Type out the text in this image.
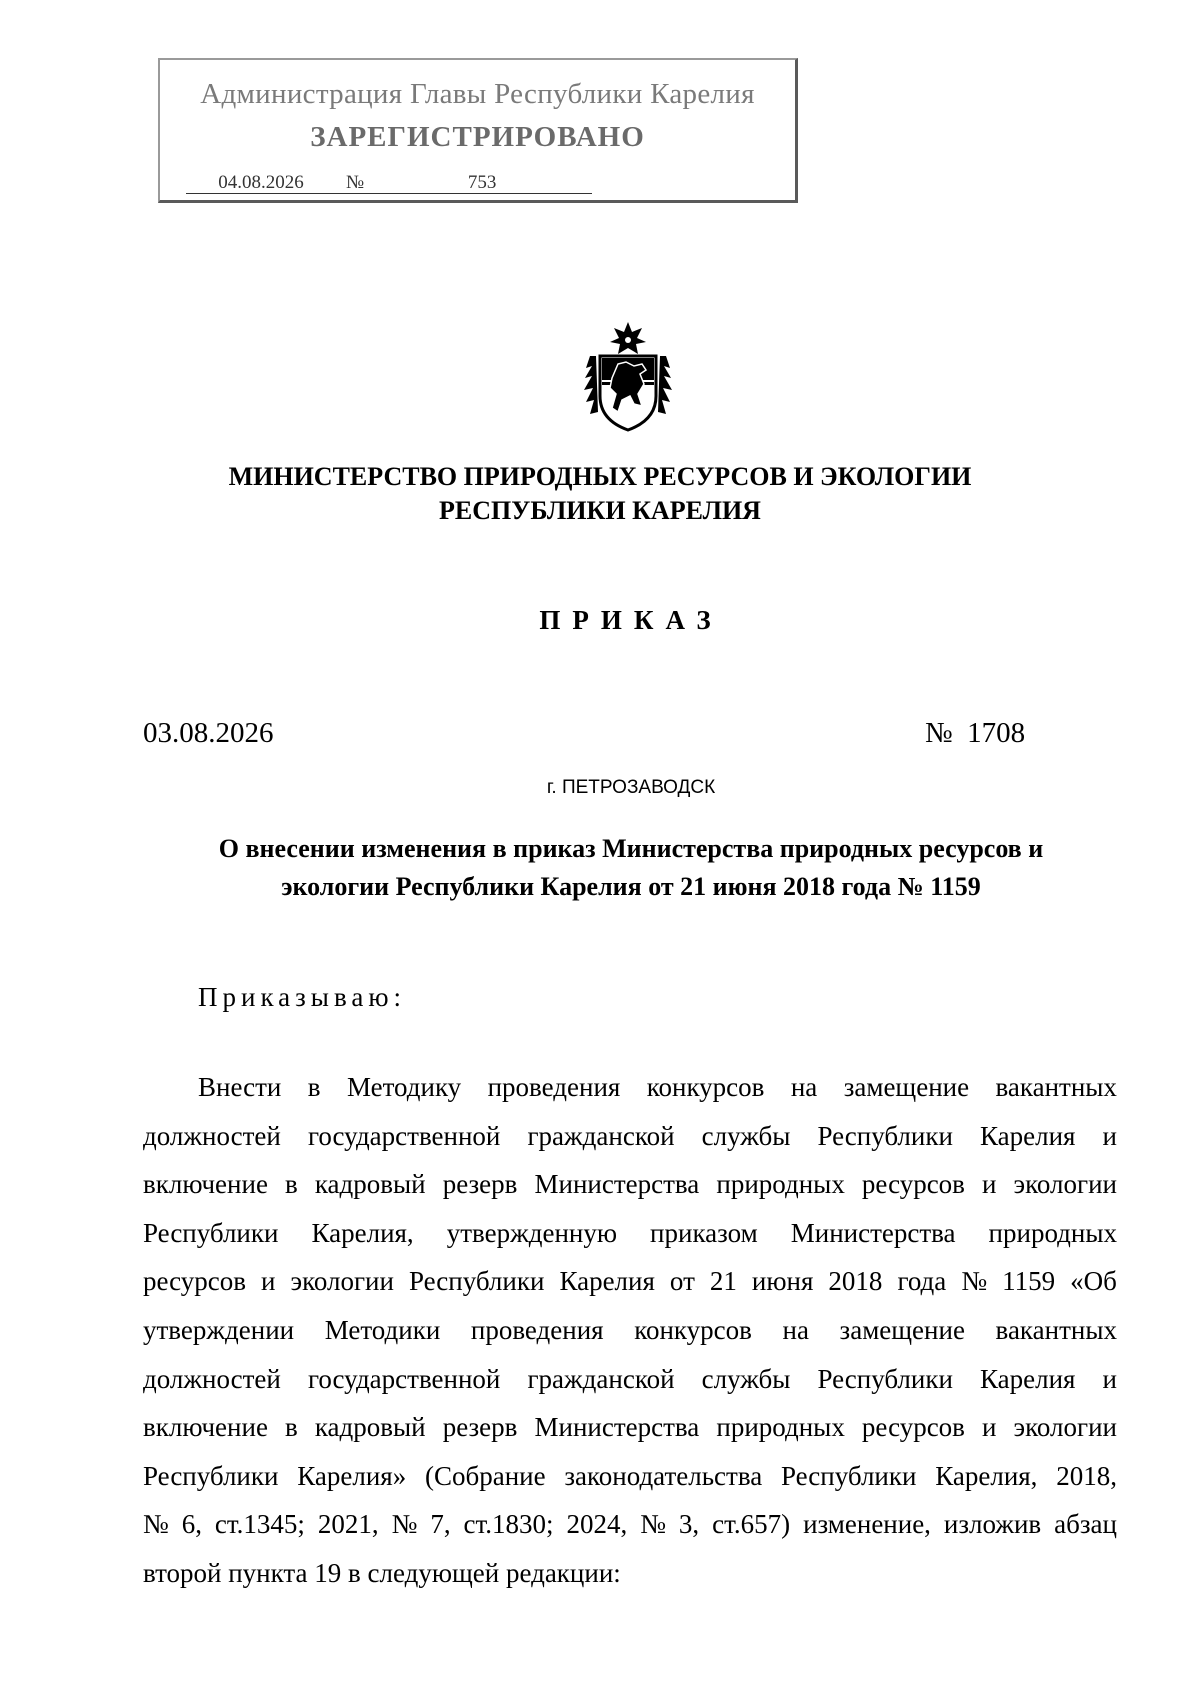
Администрация Главы Республики Карелия
ЗАРЕГИСТРИРОВАНО
04.08.2026 №	753
МИНИСТЕРСТВО ПРИРОДНЫХ РЕСУРСОВ И ЭКОЛОГИИ
РЕСПУБЛИКИ КАРЕЛИЯ
ПРИКАЗ
03.08.2026	№  1708
г. ПЕТРОЗАВОДСК
О внесении изменения в приказ Министерства природных ресурсов и
экологии Республики Карелия от 21 июня 2018 года № 1159
Приказываю:
Внести в Методику проведения конкурсов на замещение вакантных
должностей государственной гражданской службы Республики Карелия и
включение в кадровый резерв Министерства природных ресурсов и экологии
Республики Карелия, утвержденную приказом Министерства природных
ресурсов и экологии Республики Карелия от 21 июня 2018 года № 1159 «Об
утверждении Методики проведения конкурсов на замещение вакантных
должностей государственной гражданской службы Республики Карелия и
включение в кадровый резерв Министерства природных ресурсов и экологии
Республики Карелия» (Собрание законодательства Республики Карелия, 2018,
№ 6, ст.1345; 2021, № 7, ст.1830; 2024, № 3, ст.657) изменение, изложив абзац
второй пункта 19 в следующей редакции:
